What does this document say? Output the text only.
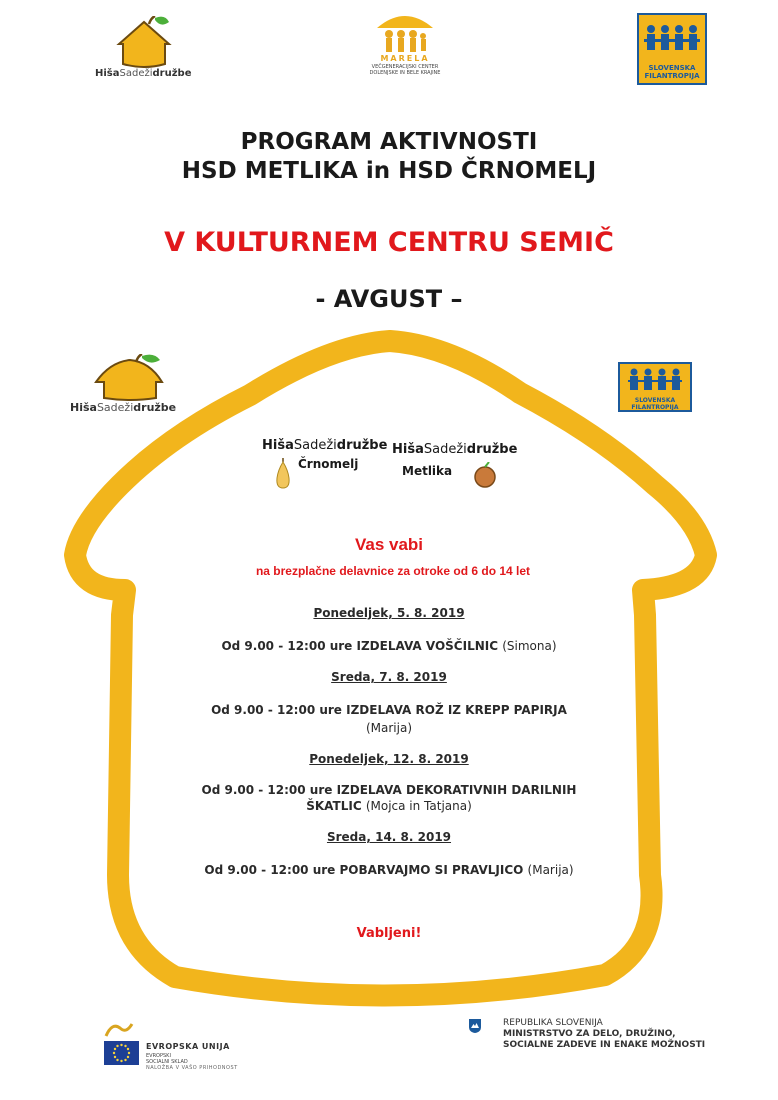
HišaSadežidružbe
MARELA
VEČGENERACIJSKI CENTER DOLENJSKE IN BELE KRAJINE
SLOVENSKA
FILANTROPIJA
PROGRAM AKTIVNOSTI
HSD METLIKA in HSD ČRNOMELJ
V KULTURNEM CENTRU SEMIČ
- AVGUST –
HišaSadežidružbe
SLOVENSKA
FILANTROPIJA
HišaSadežidružbe
Črnomelj
HišaSadežidružbe
Metlika
Vas vabi
na brezplačne delavnice za otroke od 6 do 14 let
Ponedeljek, 5. 8. 2019
Od 9.00 - 12:00 ure IZDELAVA VOŠČILNIC (Simona)
Sreda, 7. 8. 2019
Od 9.00 - 12:00 ure IZDELAVA ROŽ IZ KREPP PAPIRJA
(Marija)
Ponedeljek, 12. 8. 2019
Od 9.00 - 12:00 ure IZDELAVA DEKORATIVNIH DARILNIH
ŠKATLIC (Mojca in Tatjana)
Sreda, 14. 8. 2019
Od 9.00 - 12:00 ure POBARVAJMO SI PRAVLJICO (Marija)
Vabljeni!
EVROPSKA UNIJA
EVROPSKI
SOCIALNI SKLAD
NALOŽBA V VAŠO PRIHODNOST
REPUBLIKA SLOVENIJA
MINISTRSTVO ZA DELO, DRUŽINO,
SOCIALNE ZADEVE IN ENAKE MOŽNOSTI
